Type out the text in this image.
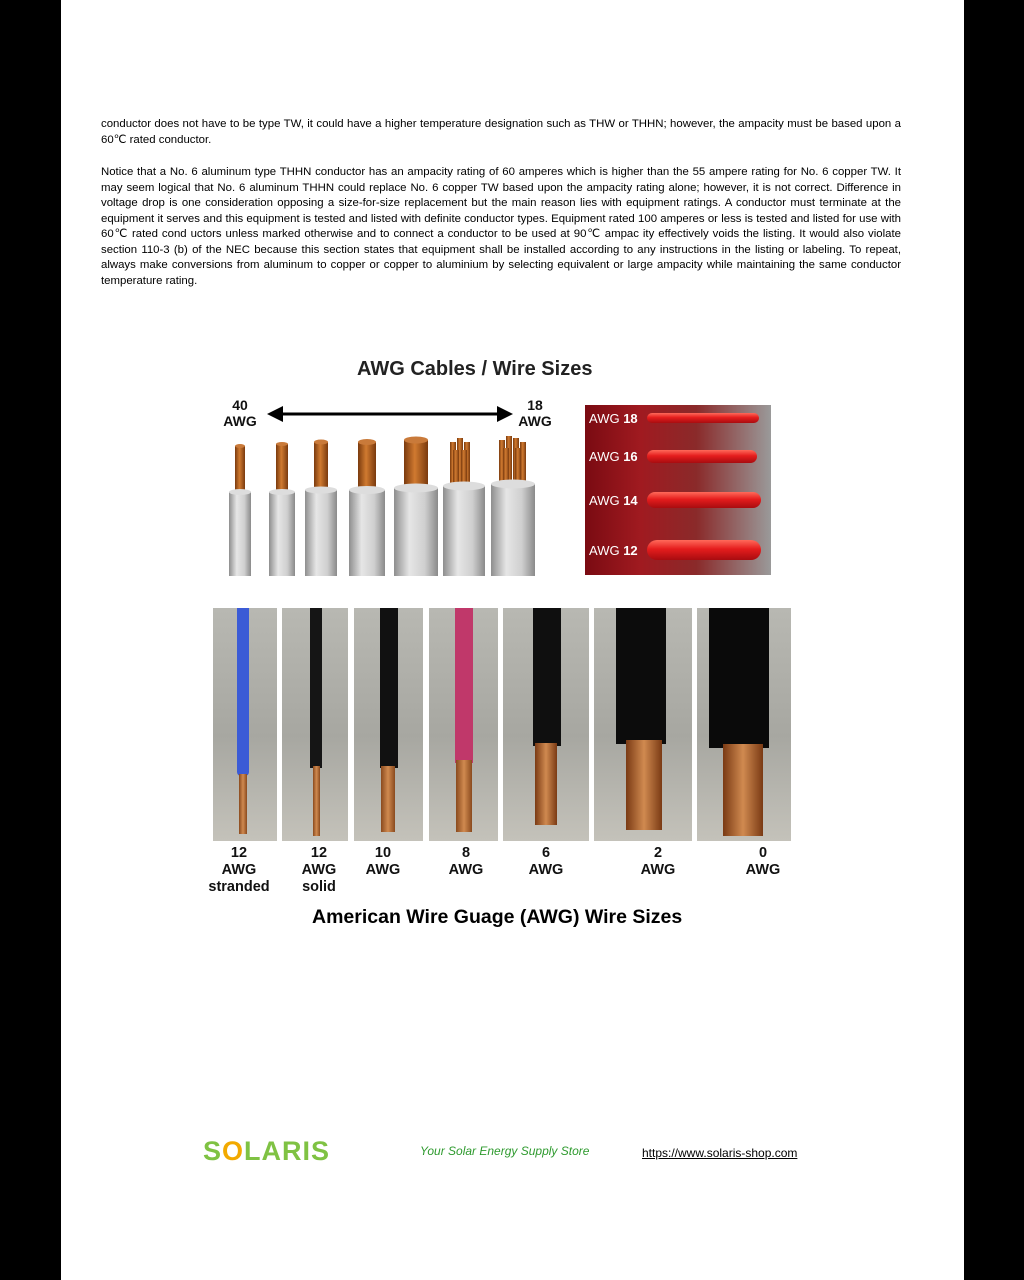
conductor does not have to be type TW, it could have a higher temperature designation such as THW or THHN; however, the ampacity must be based upon a 60℃ rated conductor.

Notice that a No. 6 aluminum type THHN conductor has an ampacity rating of 60 amperes which is higher than the 55 ampere rating for No. 6 copper TW. It may seem logical that No. 6 aluminum THHN could replace No. 6 copper TW based upon the ampacity rating alone; however, it is not correct. Difference in voltage drop is one consideration opposing a size-for-size replacement but the main reason lies with equipment ratings. A conductor must terminate at the equipment it serves and this equipment is tested and listed with definite conductor types. Equipment rated 100 amperes or less is tested and listed for use with 60℃ rated cond uctors unless marked otherwise and to connect a conductor to be used at 90℃ ampac ity effectively voids the listing. It would also violate section 110-3 (b) of the NEC because this section states that equipment shall be installed according to any instructions in the listing or labeling. To repeat, always make conversions from aluminum to copper or copper to aluminium by selecting equivalent or large ampacity while maintaining the same conductor temperature rating.

AWG Cables / Wire Sizes
40
AWG
18
AWG	AWG 18
AWG 16
AWG 14
AWG 12
12
AWG
stranded
12
AWG
solid
10
AWG
8
AWG
6
AWG
2
AWG
0
AWG
American Wire Guage (AWG) Wire Sizes
SOLARIS	Your Solar Energy Supply Store	https://www.solaris-shop.com
